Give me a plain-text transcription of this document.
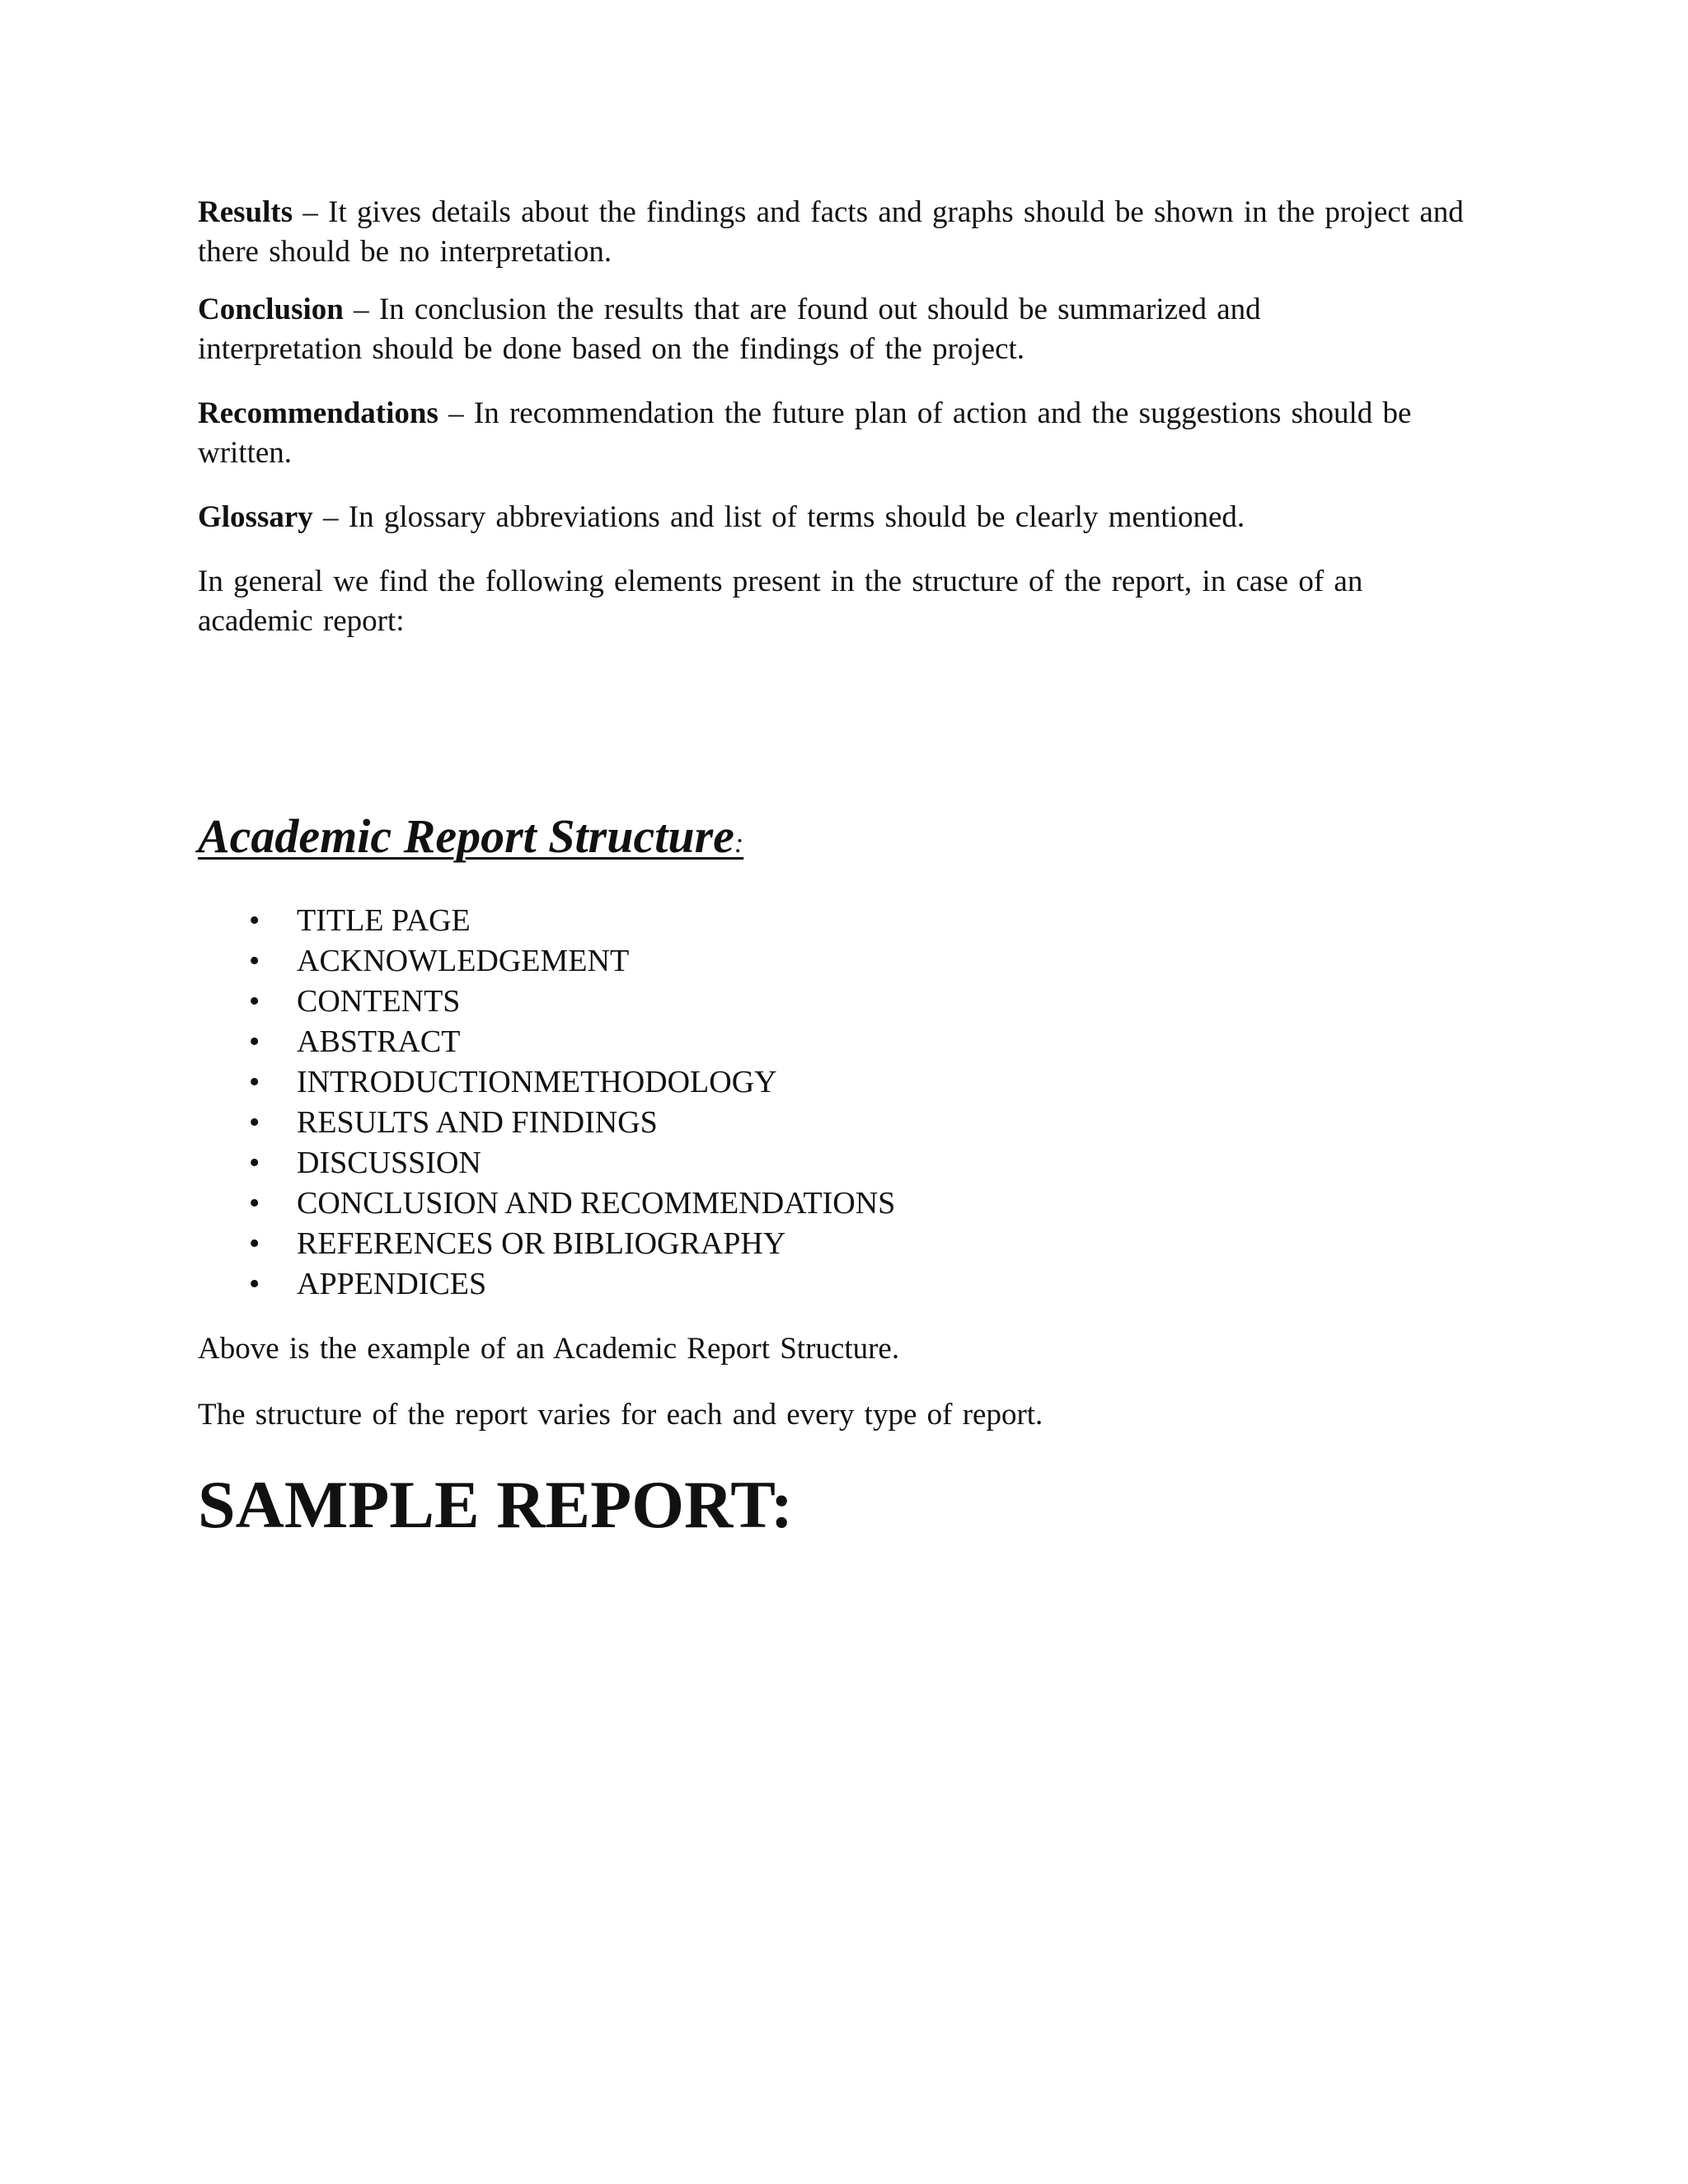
Results – It gives details about the findings and facts and graphs should be shown in the project and there should be no interpretation.

Conclusion – In conclusion the results that are found out should be summarized and interpretation should be done based on the findings of the project.

Recommendations – In recommendation the future plan of action and the suggestions should be written.

Glossary – In glossary abbreviations and list of terms should be clearly mentioned.

In general we find the following elements present in the structure of the report, in case of an academic report:

Academic Report Structure:
• TITLE PAGE
• ACKNOWLEDGEMENT
• CONTENTS
• ABSTRACT
• INTRODUCTIONMETHODOLOGY
• RESULTS AND FINDINGS
• DISCUSSION
• CONCLUSION AND RECOMMENDATIONS
• REFERENCES OR BIBLIOGRAPHY
• APPENDICES

Above is the example of an Academic Report Structure.

The structure of the report varies for each and every type of report.

SAMPLE REPORT:
